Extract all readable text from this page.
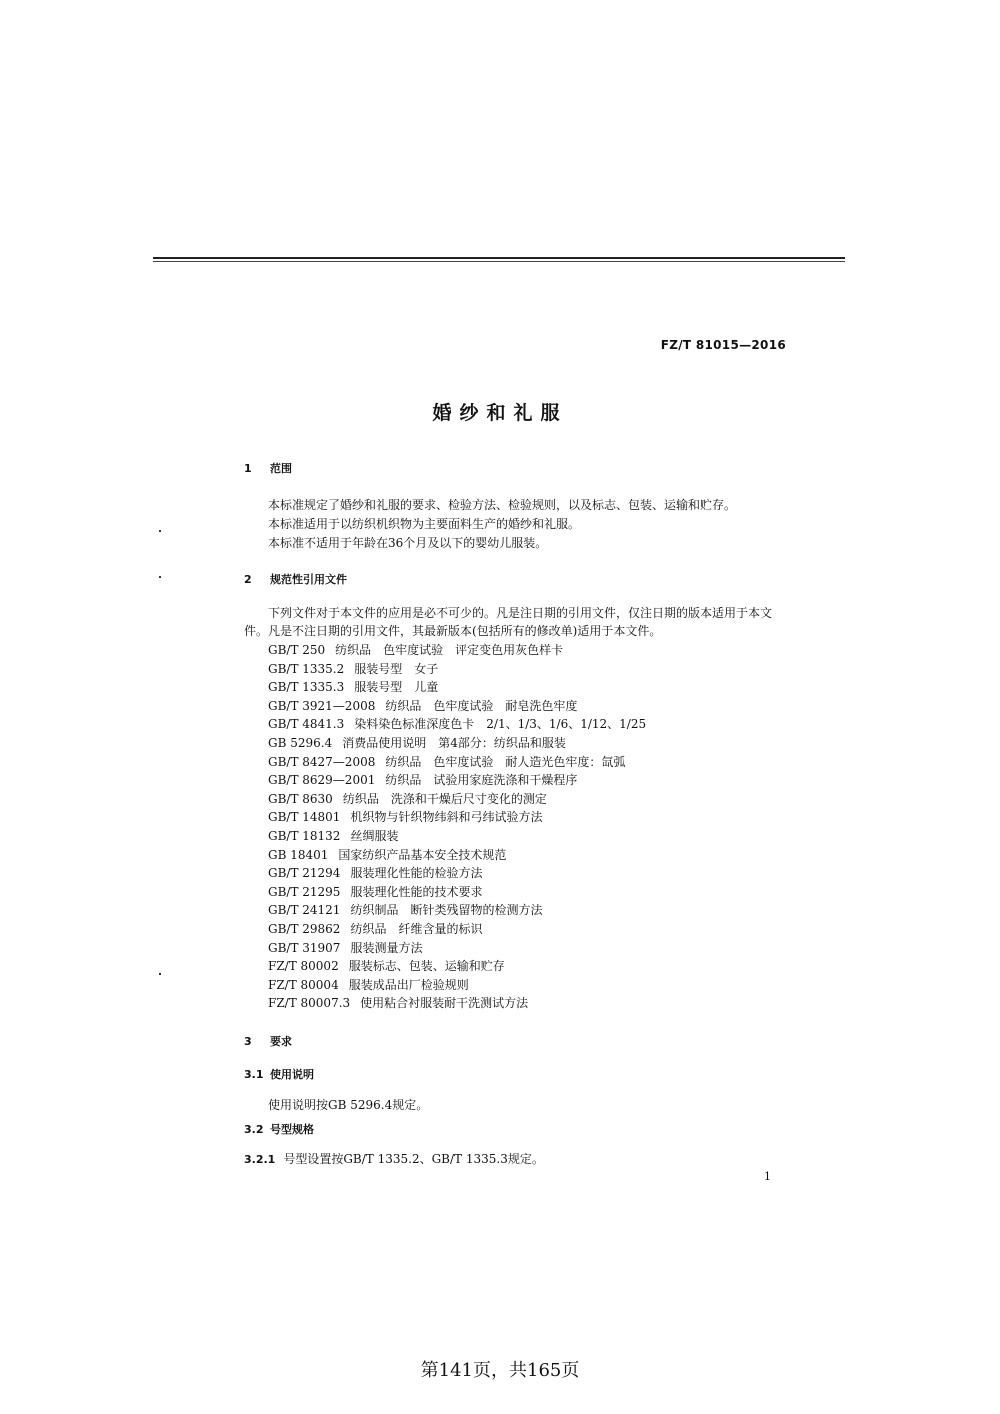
FZ/T 81015—2016
婚纱和礼服
1 范围
本标准规定了婚纱和礼服的要求、检验方法、检验规则，以及标志、包装、运输和贮存。
本标准适用于以纺织机织物为主要面料生产的婚纱和礼服。
本标准不适用于年龄在36个月及以下的婴幼儿服装。
2 规范性引用文件
下列文件对于本文件的应用是必不可少的。凡是注日期的引用文件，仅注日期的版本适用于本文件。凡是不注日期的引用文件，其最新版本(包括所有的修改单)适用于本文件。
GB/T 250 纺织品　色牢度试验　评定变色用灰色样卡
GB/T 1335.2 服装号型　女子
GB/T 1335.3 服装号型　儿童
GB/T 3921—2008 纺织品　色牢度试验　耐皂洗色牢度
GB/T 4841.3 染料染色标准深度色卡　2/1、1/3、1/6、1/12、1/25
GB 5296.4 消费品使用说明　第4部分：纺织品和服装
GB/T 8427—2008 纺织品　色牢度试验　耐人造光色牢度：氙弧
GB/T 8629—2001 纺织品　试验用家庭洗涤和干燥程序
GB/T 8630 纺织品　洗涤和干燥后尺寸变化的测定
GB/T 14801 机织物与针织物纬斜和弓纬试验方法
GB/T 18132 丝绸服装
GB 18401 国家纺织产品基本安全技术规范
GB/T 21294 服装理化性能的检验方法
GB/T 21295 服装理化性能的技术要求
GB/T 24121 纺织制品　断针类残留物的检测方法
GB/T 29862 纺织品　纤维含量的标识
GB/T 31907 服装测量方法
FZ/T 80002 服装标志、包装、运输和贮存
FZ/T 80004 服装成品出厂检验规则
FZ/T 80007.3 使用粘合衬服装耐干洗测试方法
3 要求
3.1 使用说明
使用说明按GB 5296.4规定。
3.2 号型规格
3.2.1 号型设置按GB/T 1335.2、GB/T 1335.3规定。
1
第141页，共165页
